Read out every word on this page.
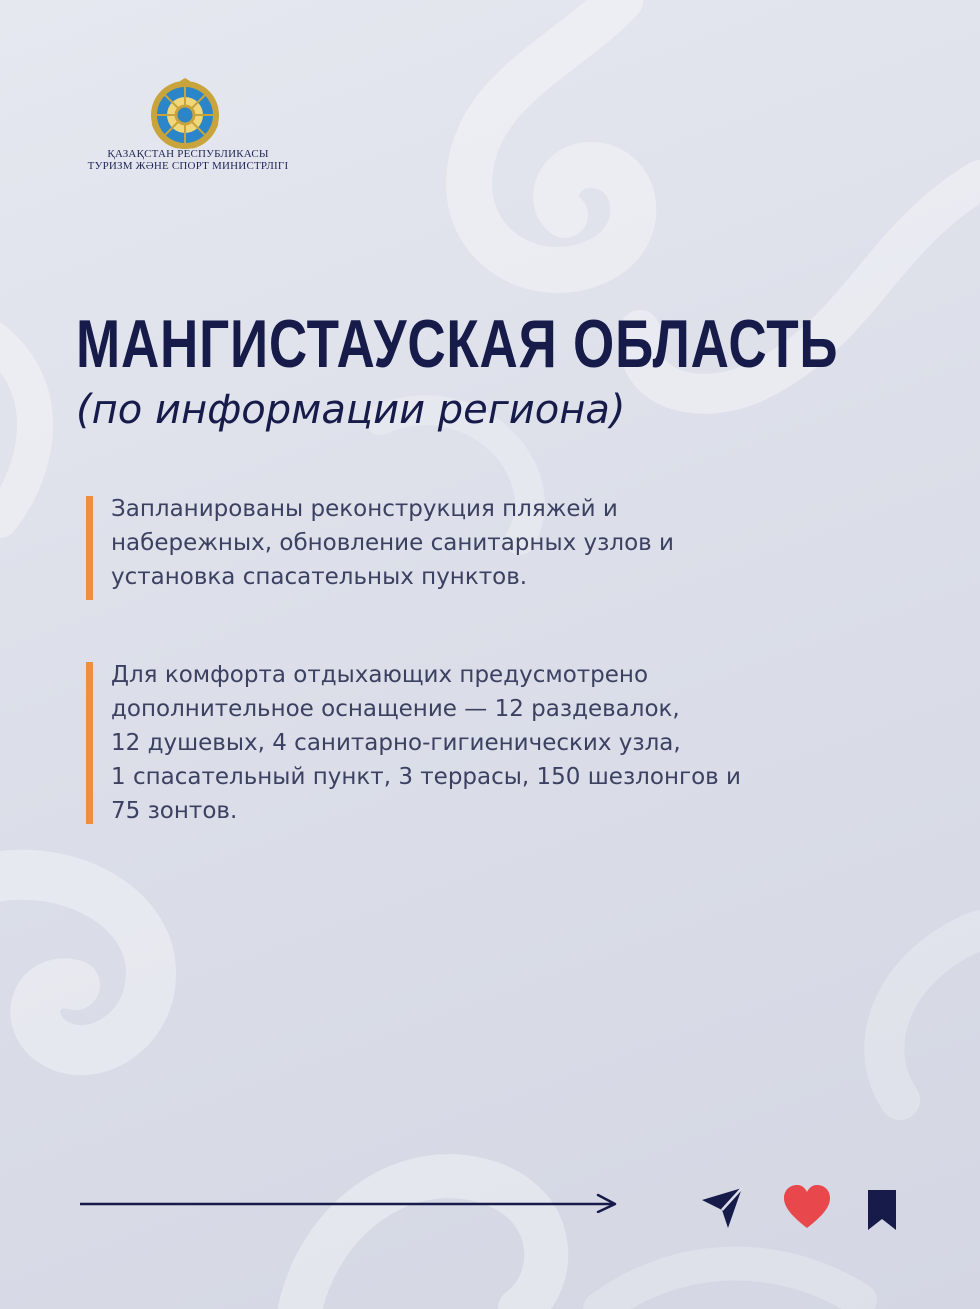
ҚАЗАҚСТАН РЕСПУБЛИКАСЫ
ТУРИЗМ ЖӘНЕ СПОРТ МИНИСТРЛІГІ
МАНГИСТАУСКАЯ ОБЛАСТЬ
(по информации региона)
Запланированы реконструкция пляжей и
набережных, обновление санитарных узлов и
установка спасательных пунктов.
Для комфорта отдыхающих предусмотрено
дополнительное оснащение — 12 раздевалок,
12 душевых, 4 санитарно-гигиенических узла,
1 спасательный пункт, 3 террасы, 150 шезлонгов и
75 зонтов.
